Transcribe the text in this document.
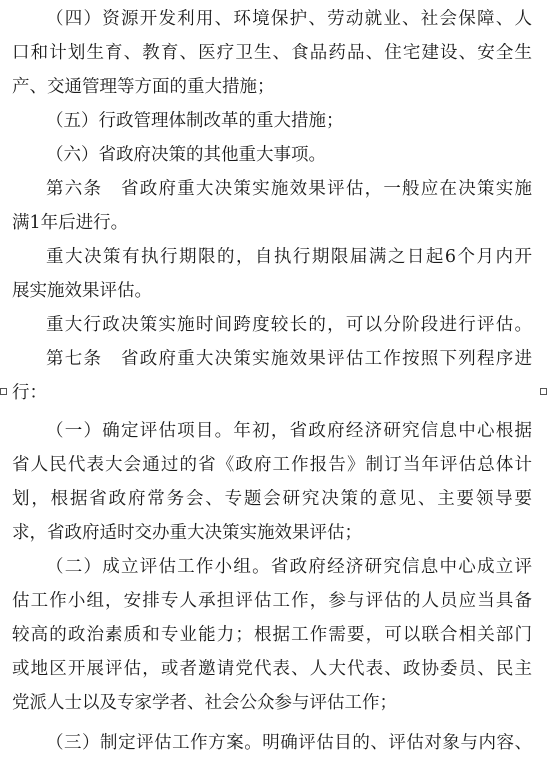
（四）资源开发利用、环境保护、劳动就业、社会保障、人
口和计划生育、教育、医疗卫生、食品药品、住宅建设、安全生
产、交通管理等方面的重大措施；
（五）行政管理体制改革的重大措施；
（六）省政府决策的其他重大事项。
第六条　省政府重大决策实施效果评估，一般应在决策实施
满1年后进行。
重大决策有执行期限的，自执行期限届满之日起6个月内开
展实施效果评估。
重大行政决策实施时间跨度较长的，可以分阶段进行评估。
第七条　省政府重大决策实施效果评估工作按照下列程序进
行：
（一）确定评估项目。年初，省政府经济研究信息中心根据
省人民代表大会通过的省《政府工作报告》制订当年评估总体计
划，根据省政府常务会、专题会研究决策的意见、主要领导要
求，省政府适时交办重大决策实施效果评估；
（二）成立评估工作小组。省政府经济研究信息中心成立评
估工作小组，安排专人承担评估工作，参与评估的人员应当具备
较高的政治素质和专业能力；根据工作需要，可以联合相关部门
或地区开展评估，或者邀请党代表、人大代表、政协委员、民主
党派人士以及专家学者、社会公众参与评估工作；
（三）制定评估工作方案。明确评估目的、评估对象与内容、
